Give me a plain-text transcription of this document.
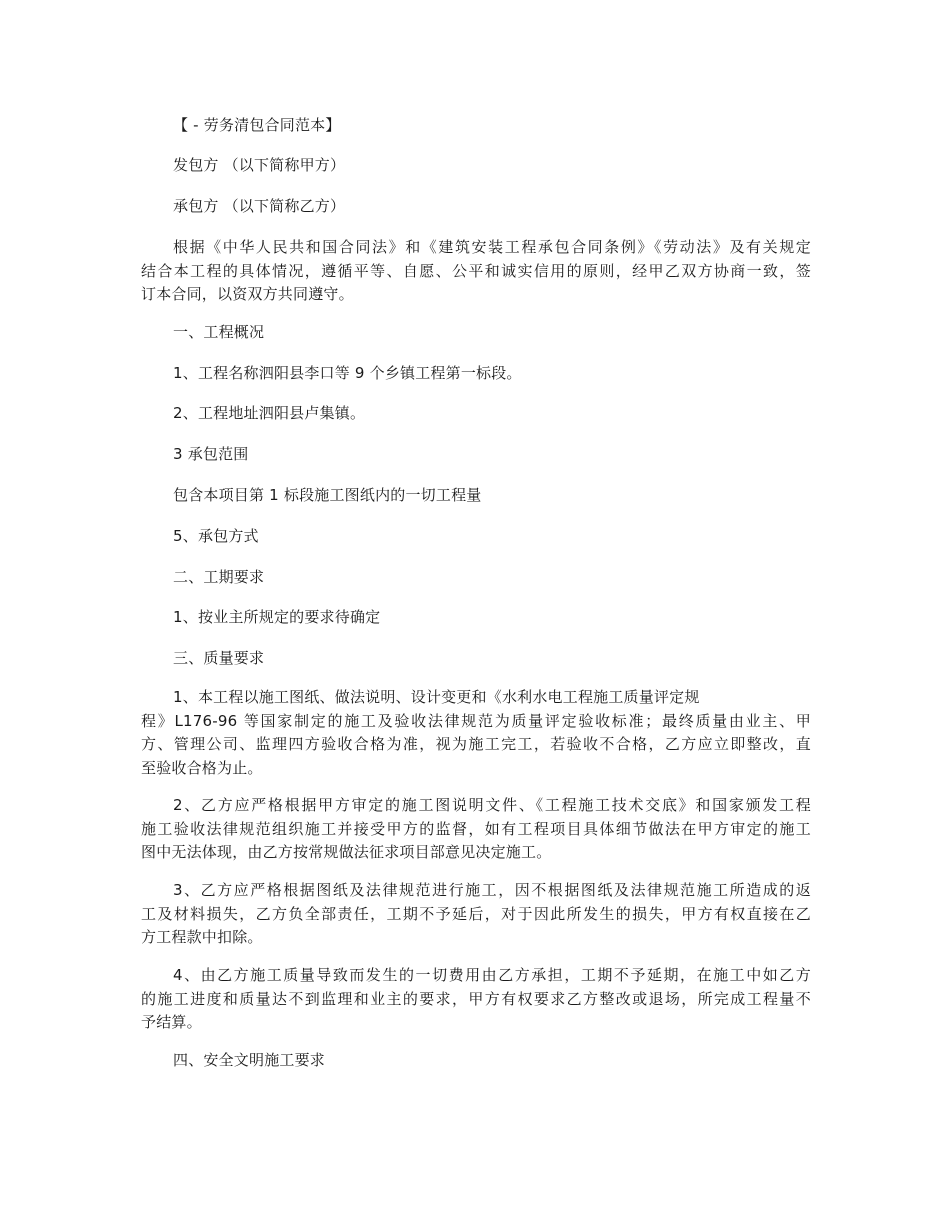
【 - 劳务清包合同范本】

发包方 （以下简称甲方）

承包方 （以下简称乙方）

根据《中华人民共和国合同法》和《建筑安装工程承包合同条例》《劳动法》及有关规定
结合本工程的具体情况，遵循平等、自愿、公平和诚实信用的原则，经甲乙双方协商一致，签
订本合同，以资双方共同遵守。

一、工程概况

1、工程名称泗阳县李口等 9 个乡镇工程第一标段。

2、工程地址泗阳县卢集镇。

3 承包范围

包含本项目第 1 标段施工图纸内的一切工程量

5、承包方式

二、工期要求

1、按业主所规定的要求待确定

三、质量要求

1、本工程以施工图纸、做法说明、设计变更和《水利水电工程施工质量评定规
程》L176-96 等国家制定的施工及验收法律规范为质量评定验收标准；最终质量由业主、甲
方、管理公司、监理四方验收合格为准，视为施工完工，若验收不合格，乙方应立即整改，直
至验收合格为止。

2、乙方应严格根据甲方审定的施工图说明文件、《工程施工技术交底》和国家颁发工程
施工验收法律规范组织施工并接受甲方的监督，如有工程项目具体细节做法在甲方审定的施工
图中无法体现，由乙方按常规做法征求项目部意见决定施工。

3、乙方应严格根据图纸及法律规范进行施工，因不根据图纸及法律规范施工所造成的返
工及材料损失，乙方负全部责任，工期不予延后，对于因此所发生的损失，甲方有权直接在乙
方工程款中扣除。

4、由乙方施工质量导致而发生的一切费用由乙方承担，工期不予延期，在施工中如乙方
的施工进度和质量达不到监理和业主的要求，甲方有权要求乙方整改或退场，所完成工程量不
予结算。

四、安全文明施工要求
